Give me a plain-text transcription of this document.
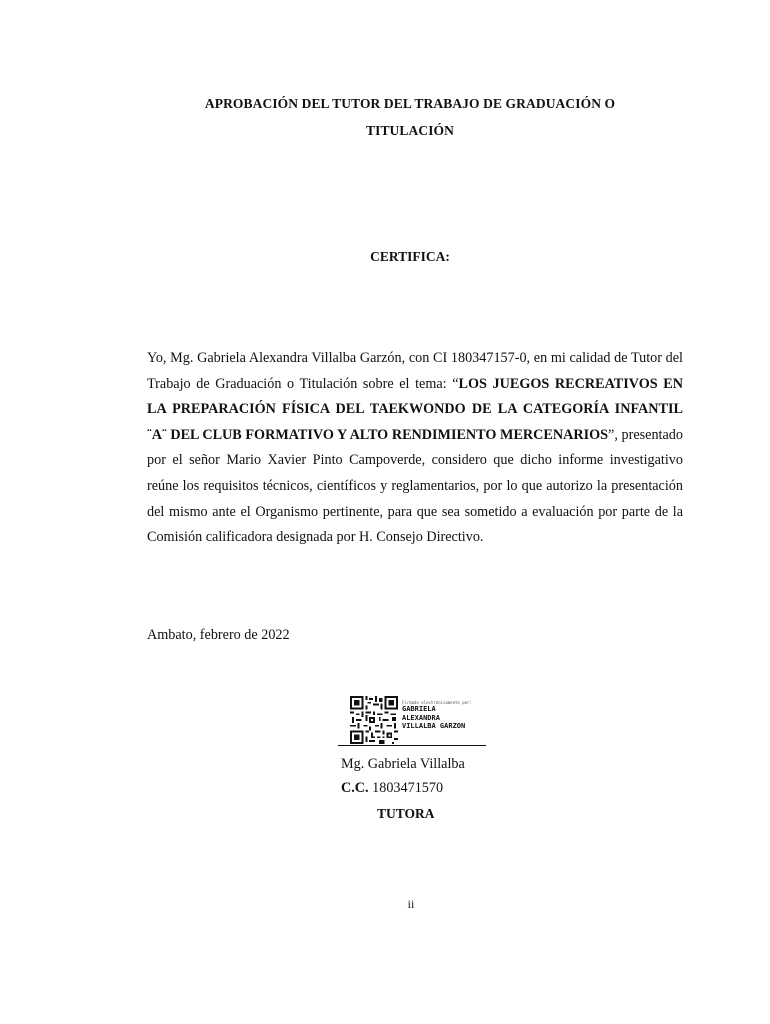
APROBACIÓN DEL TUTOR DEL TRABAJO DE GRADUACIÓN O
TITULACIÓN
CERTIFICA:

Yo, Mg. Gabriela Alexandra Villalba Garzón, con CI 180347157-0, en mi calidad de Tutor del Trabajo de Graduación o Titulación sobre el tema: “LOS JUEGOS RECREATIVOS EN LA PREPARACIÓN FÍSICA DEL TAEKWONDO DE LA CATEGORÍA INFANTIL ¨A¨ DEL CLUB FORMATIVO Y ALTO RENDIMIENTO MERCENARIOS”, presentado por el señor Mario Xavier Pinto Campoverde, considero que dicho informe investigativo reúne los requisitos técnicos, científicos y reglamentarios, por lo que autorizo la presentación del mismo ante el Organismo pertinente, para que sea sometido a evaluación por parte de la Comisión calificadora designada por H. Consejo Directivo.

Ambato, febrero de 2022
Firmado electrónicamente por:
GABRIELA
ALEXANDRA
VILLALBA GARZON
Mg. Gabriela Villalba
C.C. 1803471570
TUTORA
ii
